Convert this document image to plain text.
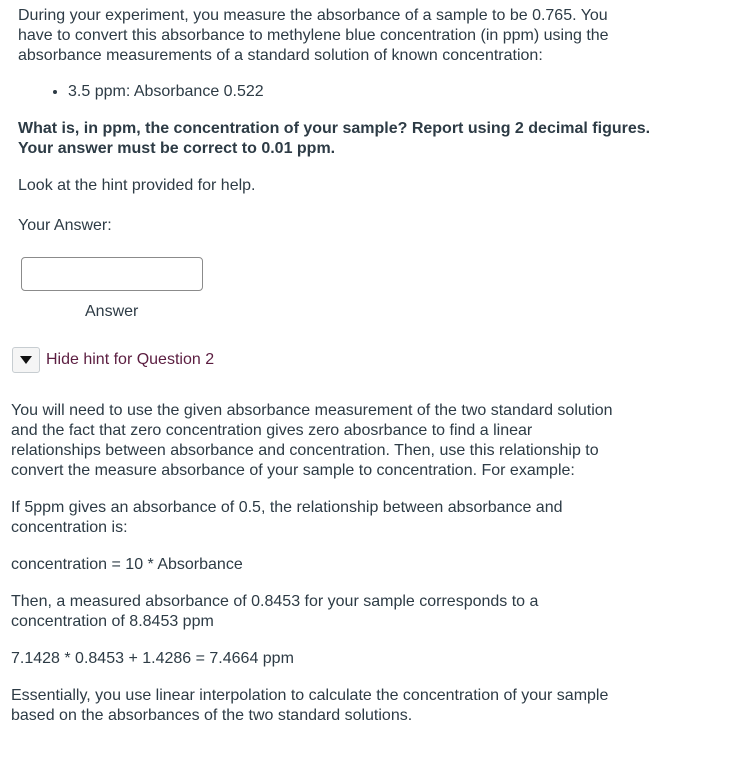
During your experiment, you measure the absorbance of a sample to be 0.765. You
have to convert this absorbance to methylene blue concentration (in ppm) using the
absorbance measurements of a standard solution of known concentration:

• 3.5 ppm: Absorbance 0.522

What is, in ppm, the concentration of your sample? Report using 2 decimal figures.
Your answer must be correct to 0.01 ppm.

Look at the hint provided for help.

Your Answer:

Answer
Hide hint for Question 2

You will need to use the given absorbance measurement of the two standard solution
and the fact that zero concentration gives zero abosrbance to find a linear
relationships between absorbance and concentration. Then, use this relationship to
convert the measure absorbance of your sample to concentration. For example:

If 5ppm gives an absorbance of 0.5, the relationship between absorbance and
concentration is:

concentration = 10 * Absorbance

Then, a measured absorbance of 0.8453 for your sample corresponds to a
concentration of 8.8453 ppm

7.1428 * 0.8453 + 1.4286 = 7.4664 ppm

Essentially, you use linear interpolation to calculate the concentration of your sample
based on the absorbances of the two standard solutions.
